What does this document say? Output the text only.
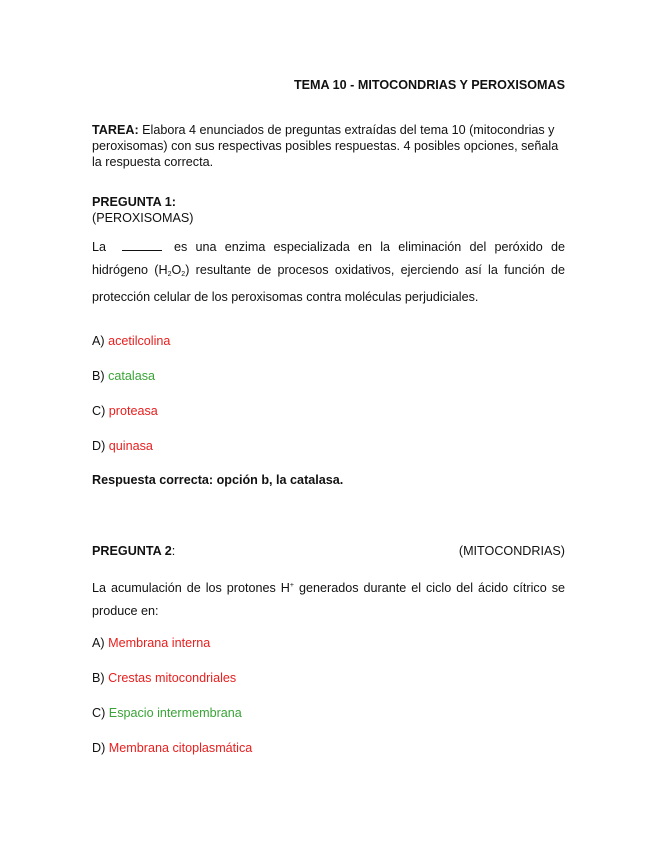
TEMA 10 - MITOCONDRIAS Y PEROXISOMAS
TAREA: Elabora 4 enunciados de preguntas extraídas del tema 10 (mitocondrias y peroxisomas) con sus respectivas posibles respuestas. 4 posibles opciones, señala la respuesta correcta.
PREGUNTA 1:
(PEROXISOMAS)
La	es una enzima especializada en la eliminación del peróxido de hidrógeno $(H_2O_2)$ resultante de procesos oxidativos, ejerciendo así la función de protección celular de los peroxisomas contra moléculas perjudiciales.
A) acetilcolina
B) catalasa
C) proteasa
D) quinasa
Respuesta correcta: opción b, la catalasa.
PREGUNTA 2:	(MITOCONDRIAS)
La acumulación de los protones H+ generados durante el ciclo del ácido cítrico se produce en:
A) Membrana interna
B) Crestas mitocondriales
C) Espacio intermembrana
D) Membrana citoplasmática
